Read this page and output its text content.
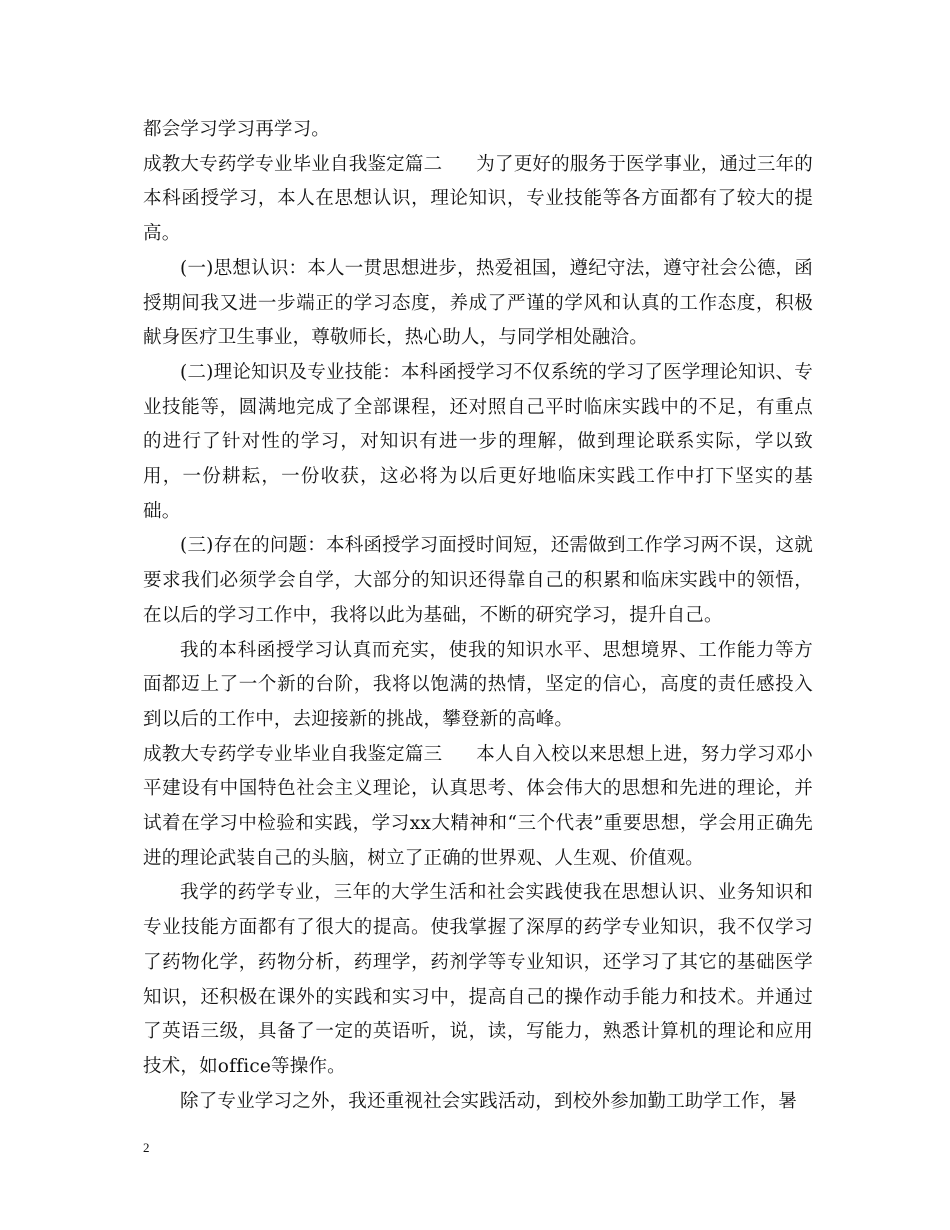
都会学习学习再学习。

成教大专药学专业毕业自我鉴定篇二 为了更好的服务于医学事业，通过三年的本科函授学习，本人在思想认识，理论知识，专业技能等各方面都有了较大的提高。

(一)思想认识：本人一贯思想进步，热爱祖国，遵纪守法，遵守社会公德，函授期间我又进一步端正的学习态度，养成了严谨的学风和认真的工作态度，积极献身医疗卫生事业，尊敬师长，热心助人，与同学相处融洽。

(二)理论知识及专业技能：本科函授学习不仅系统的学习了医学理论知识、专业技能等，圆满地完成了全部课程，还对照自己平时临床实践中的不足，有重点的进行了针对性的学习，对知识有进一步的理解，做到理论联系实际，学以致用，一份耕耘，一份收获，这必将为以后更好地临床实践工作中打下坚实的基础。

(三)存在的问题：本科函授学习面授时间短，还需做到工作学习两不误，这就要求我们必须学会自学，大部分的知识还得靠自己的积累和临床实践中的领悟，在以后的学习工作中，我将以此为基础，不断的研究学习，提升自己。

我的本科函授学习认真而充实，使我的知识水平、思想境界、工作能力等方面都迈上了一个新的台阶，我将以饱满的热情，坚定的信心，高度的责任感投入到以后的工作中，去迎接新的挑战，攀登新的高峰。

成教大专药学专业毕业自我鉴定篇三 本人自入校以来思想上进，努力学习邓小平建设有中国特色社会主义理论，认真思考、体会伟大的思想和先进的理论，并试着在学习中检验和实践，学习xx大精神和“三个代表”重要思想，学会用正确先进的理论武装自己的头脑，树立了正确的世界观、人生观、价值观。

我学的药学专业，三年的大学生活和社会实践使我在思想认识、业务知识和专业技能方面都有了很大的提高。使我掌握了深厚的药学专业知识，我不仅学习了药物化学，药物分析，药理学，药剂学等专业知识，还学习了其它的基础医学知识，还积极在课外的实践和实习中，提高自己的操作动手能力和技术。并通过了英语三级，具备了一定的英语听，说，读，写能力，熟悉计算机的理论和应用技术，如office等操作。

除了专业学习之外，我还重视社会实践活动，到校外参加勤工助学工作，暑

2
